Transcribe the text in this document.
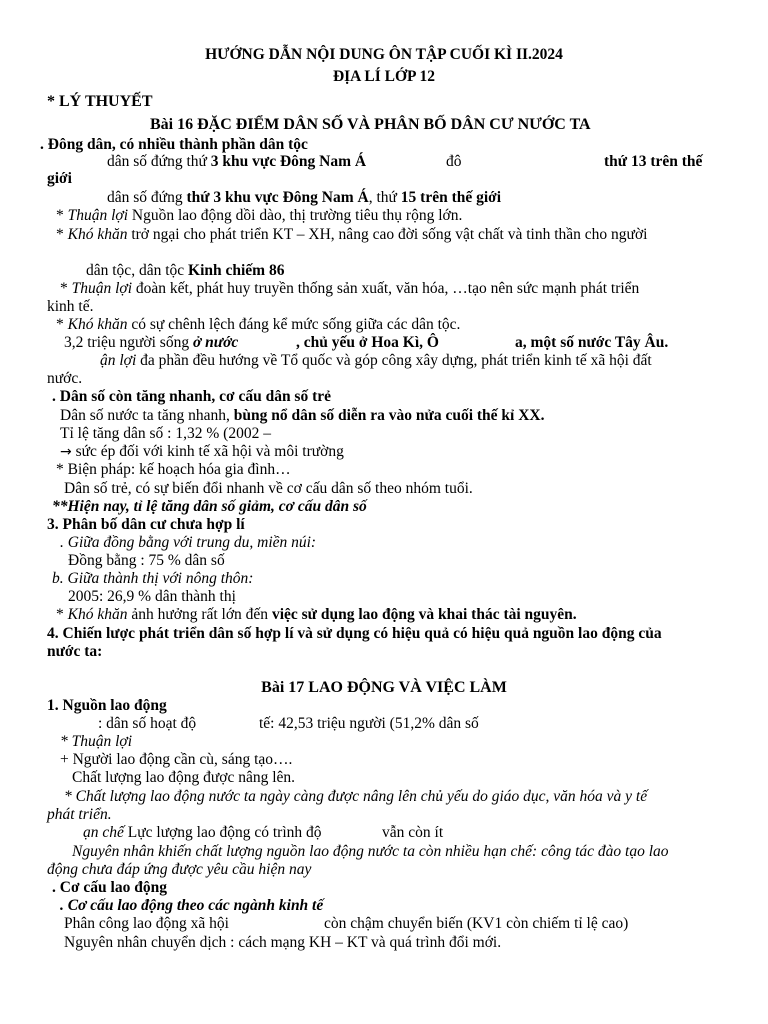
HƯỚNG DẪN NỘI DUNG ÔN TẬP CUỐI KÌ II.2024
ĐỊA LÍ LỚP 12
* LÝ THUYẾT
Bài 16 ĐẶC ĐIỂM DÂN SỐ VÀ PHÂN BỐ DÂN CƯ NƯỚC TA
. Đông dân, có nhiều thành phần dân tộc
dân số đứng thứ 3 khu vực Đông Nam Á	đô	thứ 13 trên thế
giới
dân số đứng thứ 3 khu vực Đông Nam Á, thứ 15 trên thế giới
* Thuận lợi Nguồn lao động dồi dào, thị trường tiêu thụ rộng lớn.
* Khó khăn trở ngại cho phát triển KT – XH, nâng cao đời sống vật chất và tinh thần cho người
dân tộc, dân tộc Kinh chiếm 86
* Thuận lợi đoàn kết, phát huy truyền thống sản xuất, văn hóa, …tạo nên sức mạnh phát triển
kinh tế.
* Khó khăn có sự chênh lệch đáng kể mức sống giữa các dân tộc.
3,2 triệu người sống ở nước	, chủ yếu ở Hoa Kì, Ô	a, một số nước Tây Âu.
ận lợi đa phần đều hướng về Tổ quốc và góp công xây dựng, phát triển kinh tế xã hội đất
nước.
. Dân số còn tăng nhanh, cơ cấu dân số trẻ
Dân số nước ta tăng nhanh, bùng nổ dân số diễn ra vào nửa cuối thế kỉ XX.
Tỉ lệ tăng dân số : 1,32 % (2002 –
→ sức ép đối với kinh tế xã hội và môi trường
* Biện pháp: kế hoạch hóa gia đình…
Dân số trẻ, có sự biến đổi nhanh về cơ cấu dân số theo nhóm tuổi.
**Hiện nay, tỉ lệ tăng dân số giảm, cơ cấu dân số
3. Phân bố dân cư chưa hợp lí
. Giữa đồng bằng với trung du, miền núi:
Đồng bằng : 75 % dân số
b. Giữa thành thị với nông thôn:
2005: 26,9 % dân thành thị
* Khó khăn ảnh hưởng rất lớn đến việc sử dụng lao động và khai thác tài nguyên.
4. Chiến lược phát triển dân số hợp lí và sử dụng có hiệu quả có hiệu quả nguồn lao động của
nước ta:
Bài 17 LAO ĐỘNG VÀ VIỆC LÀM
1. Nguồn lao động
: dân số hoạt độ	tế: 42,53 triệu người (51,2% dân số
* Thuận lợi
+ Người lao động cần cù, sáng tạo….
Chất lượng lao động được nâng lên.
* Chất lượng lao động nước ta ngày càng được nâng lên chủ yếu do giáo dục, văn hóa và y tế
phát triển.
ạn chế Lực lượng lao động có trình độ	vẫn còn ít
Nguyên nhân khiến chất lượng nguồn lao động nước ta còn nhiều hạn chế: công tác đào tạo lao
động chưa đáp ứng được yêu cầu hiện nay
. Cơ cấu lao động
. Cơ cấu lao động theo các ngành kinh tế
Phân công lao động xã hội	còn chậm chuyển biến (KV1 còn chiếm tỉ lệ cao)
Nguyên nhân chuyển dịch : cách mạng KH – KT và quá trình đổi mới.
